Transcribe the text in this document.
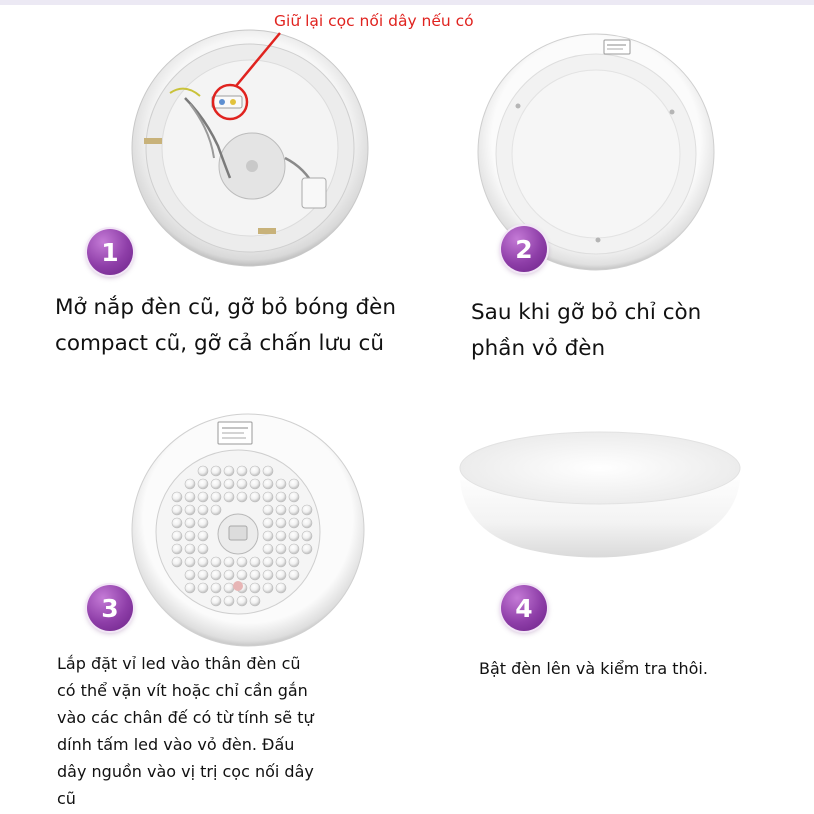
Giữ lại cọc nối dây nếu có
1
Mở nắp đèn cũ, gỡ bỏ bóng đèn
compact cũ, gỡ cả chấn lưu cũ
2
Sau khi gỡ bỏ chỉ còn
phần vỏ đèn
3
Lắp đặt vỉ led vào thân đèn cũ
có thể vặn vít hoặc chỉ cần gắn
vào các chân đế có từ tính sẽ tự
dính tấm led vào vỏ đèn. Đấu
dây nguồn vào vị trị cọc nối dây
cũ
4
Bật đèn lên và kiểm tra thôi.
